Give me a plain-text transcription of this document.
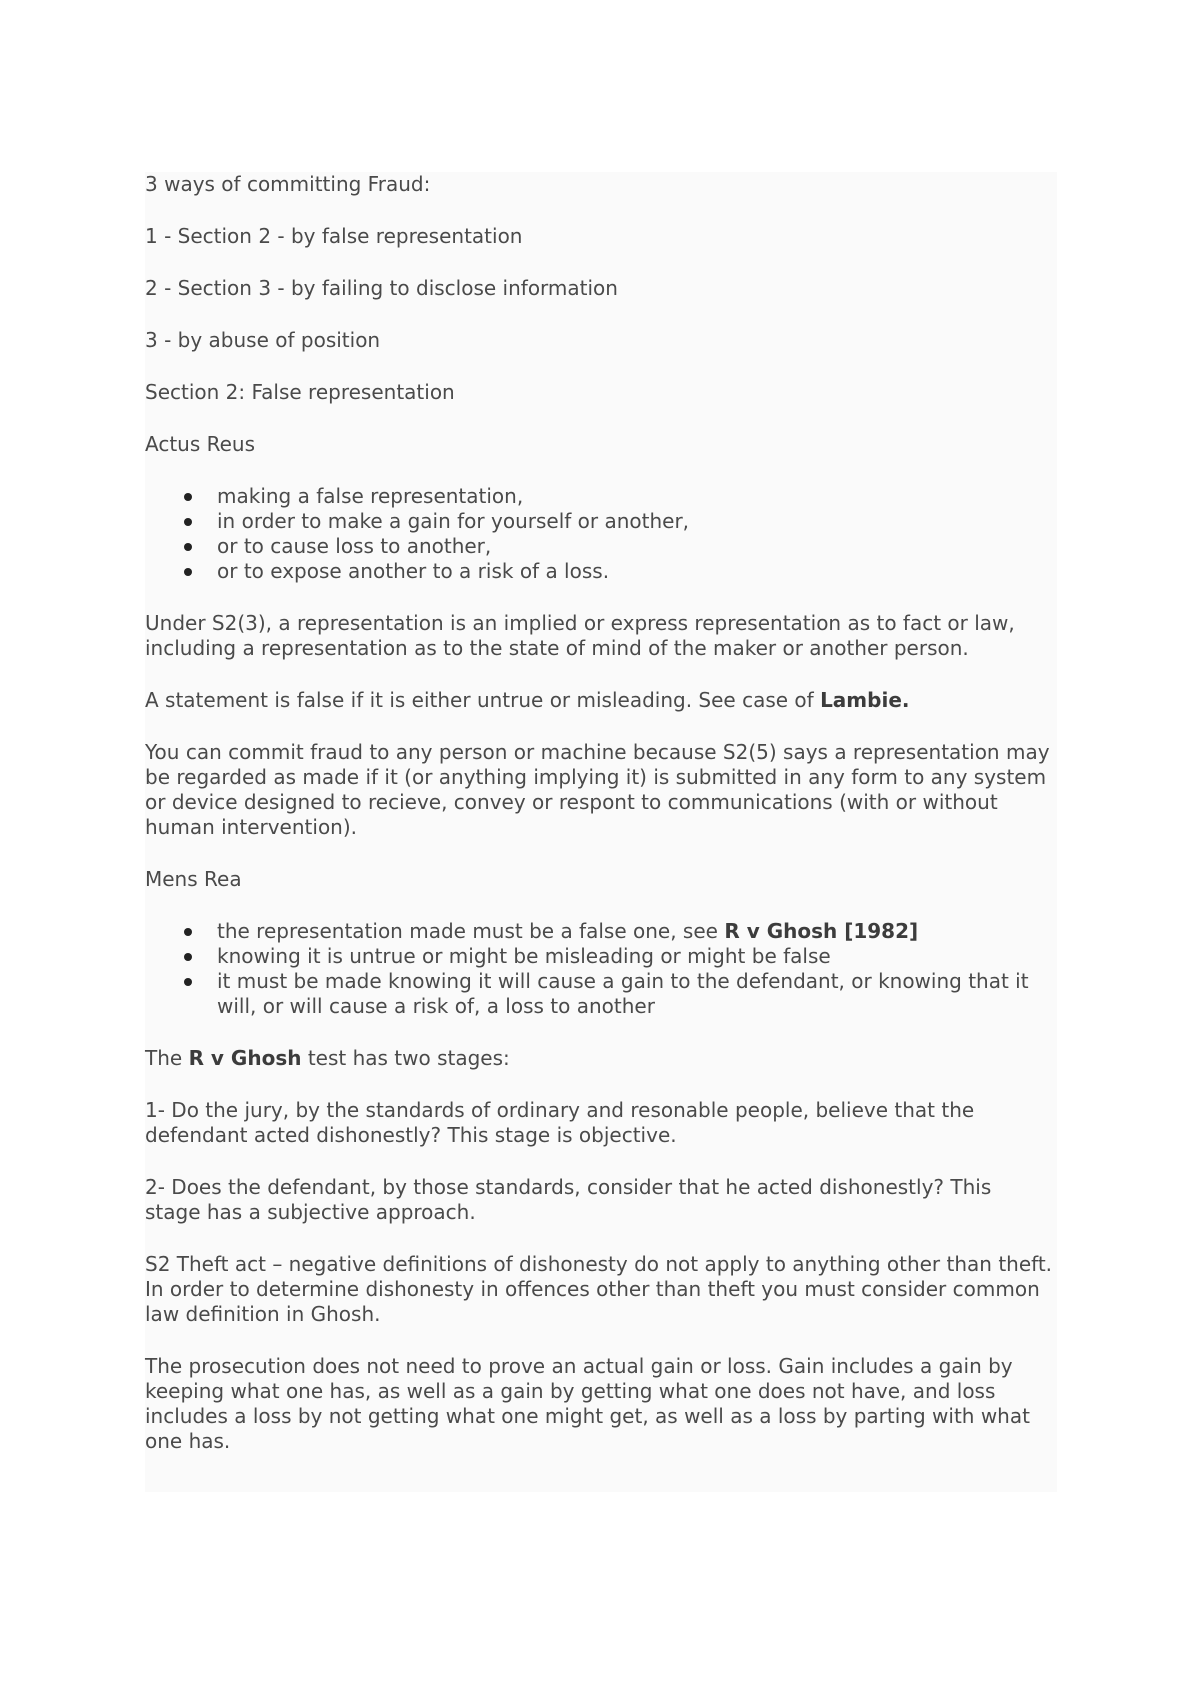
3 ways of committing Fraud:

1 - Section 2 - by false representation

2 - Section 3 - by failing to disclose information

3 - by abuse of position

Section 2: False representation

Actus Reus

making a false representation,
in order to make a gain for yourself or another,
or to cause loss to another,
or to expose another to a risk of a loss.

Under S2(3), a representation is an implied or express representation as to fact or law, including a representation as to the state of mind of the maker or another person.

A statement is false if it is either untrue or misleading. See case of Lambie.

You can commit fraud to any person or machine because S2(5) says a representation may be regarded as made if it (or anything implying it) is submitted in any form to any system or device designed to recieve, convey or respont to communications (with or without human intervention).

Mens Rea

the representation made must be a false one, see R v Ghosh [1982]
knowing it is untrue or might be misleading or might be false
it must be made knowing it will cause a gain to the defendant, or knowing that it will, or will cause a risk of, a loss to another

The R v Ghosh test has two stages:

1- Do the jury, by the standards of ordinary and resonable people, believe that the defendant acted dishonestly? This stage is objective.

2- Does the defendant, by those standards, consider that he acted dishonestly? This stage has a subjective approach.

S2 Theft act – negative definitions of dishonesty do not apply to anything other than theft. In order to determine dishonesty in offences other than theft you must consider common law definition in Ghosh.

The prosecution does not need to prove an actual gain or loss. Gain includes a gain by keeping what one has, as well as a gain by getting what one does not have, and loss includes a loss by not getting what one might get, as well as a loss by parting with what one has.
